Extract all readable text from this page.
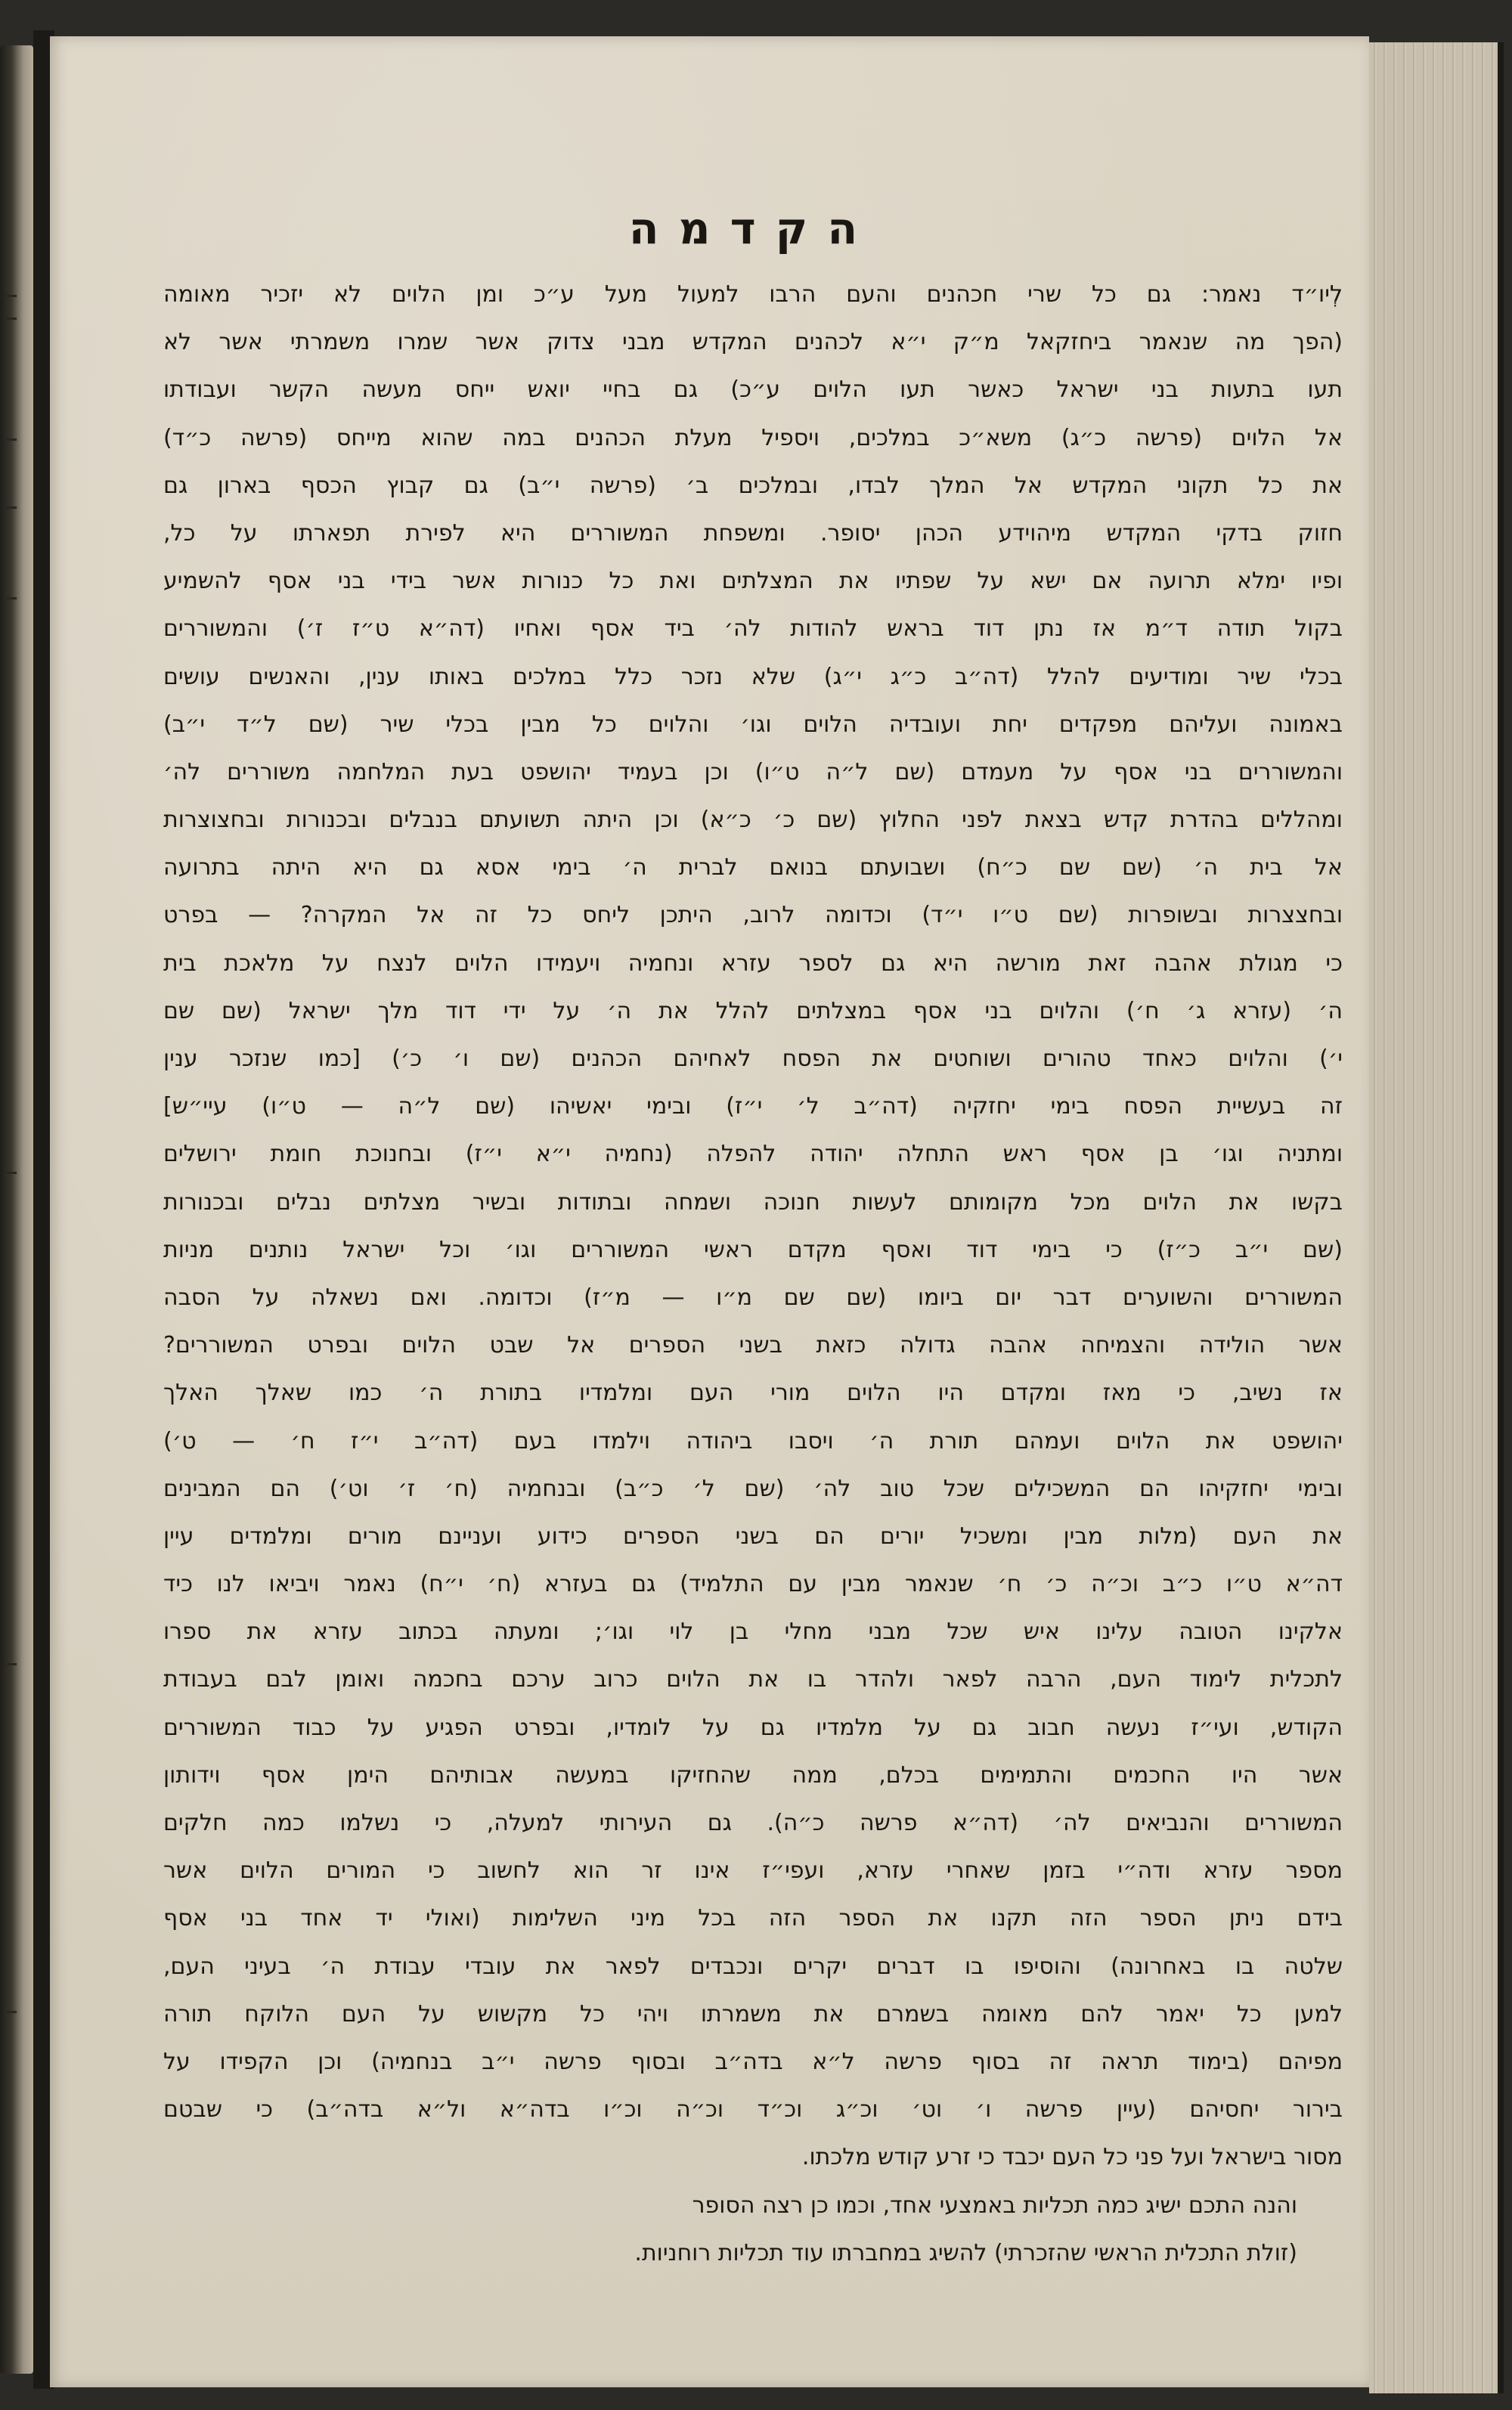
הקדמה
לְיו״ד נאמר: גם כל שרי חכהנים והעם הרבו למעול מעל ע״כ ומן הלוים לא יזכיר מאומה
(הפך מה שנאמר ביחזקאל מ״ק י״א לכהנים המקדש מבני צדוק אשר שמרו משמרתי אשר לא
תעו בתעות בני ישראל כאשר תעו הלוים ע״כ) גם בחיי יואש ייחס מעשה הקשר ועבודתו
אל הלוים (פרשה כ״ג) משא״כ במלכים, ויספיל מעלת הכהנים במה שהוא מייחס (פרשה כ״ד)
את כל תקוני המקדש אל המלך לבדו, ובמלכים ב׳ (פרשה י״ב) גם קבוץ הכסף בארון גם
חזוק בדקי המקדש מיהוידע הכהן יסופר. ומשפחת המשוררים היא לפירת תפארתו על כל,
ופיו ימלא תרועה אם ישא על שפתיו את המצלתים ואת כל כנורות אשר בידי בני אסף להשמיע
בקול תודה ד״מ אז נתן דוד בראש להודות לה׳ ביד אסף ואחיו (דה״א ט״ז ז׳) והמשוררים
בכלי שיר ומודיעים להלל (דה״ב כ״ג י״ג) שלא נזכר כלל במלכים באותו ענין, והאנשים עושים
באמונה ועליהם מפקדים יחת ועובדיה הלוים וגו׳ והלוים כל מבין בכלי שיר (שם ל״ד י״ב)
והמשוררים בני אסף על מעמדם (שם ל״ה ט״ו) וכן בעמיד יהושפט בעת המלחמה משוררים לה׳
ומהללים בהדרת קדש בצאת לפני החלוץ (שם כ׳ כ״א) וכן היתה תשועתם בנבלים ובכנורות ובחצוצרות
אל בית ה׳ (שם שם כ״ח) ושבועתם בנואם לברית ה׳ בימי אסא גם היא היתה בתרועה
ובחצצרות ובשופרות (שם ט״ו י״ד) וכדומה לרוב, היתכן ליחס כל זה אל המקרה? — בפרט
כי מגולת אהבה זאת מורשה היא גם לספר עזרא ונחמיה ויעמידו הלוים לנצח על מלאכת בית
ה׳ (עזרא ג׳ ח׳) והלוים בני אסף במצלתים להלל את ה׳ על ידי דוד מלך ישראל (שם שם
י׳) והלוים כאחד טהורים ושוחטים את הפסח לאחיהם הכהנים (שם ו׳ כ׳) [כמו שנזכר ענין
זה בעשיית הפסח בימי יחזקיה (דה״ב ל׳ י״ז) ובימי יאשיהו (שם ל״ה — ט״ו) עיי״ש]
ומתניה וגו׳ בן אסף ראש התחלה יהודה להפלה (נחמיה י״א י״ז) ובחנוכת חומת ירושלים
בקשו את הלוים מכל מקומותם לעשות חנוכה ושמחה ובתודות ובשיר מצלתים נבלים ובכנורות
(שם י״ב כ״ז) כי בימי דוד ואסף מקדם ראשי המשוררים וגו׳ וכל ישראל נותנים מניות
המשוררים והשוערים דבר יום ביומו (שם שם מ״ו — מ״ז) וכדומה. ואם נשאלה על הסבה
אשר הולידה והצמיחה אהבה גדולה כזאת בשני הספרים אל שבט הלוים ובפרט המשוררים?
אז נשיב, כי מאז ומקדם היו הלוים מורי העם ומלמדיו בתורת ה׳ כמו שאלך האלך
יהושפט את הלוים ועמהם תורת ה׳ ויסבו ביהודה וילמדו בעם (דה״ב י״ז ח׳ — ט׳)
ובימי יחזקיהו הם המשכילים שכל טוב לה׳ (שם ל׳ כ״ב) ובנחמיה (ח׳ ז׳ וט׳) הם המבינים
את העם (מלות מבין ומשכיל יורים הם בשני הספרים כידוע ועניינם מורים ומלמדים עיין
דה״א ט״ו כ״ב וכ״ה כ׳ ח׳ שנאמר מבין עם התלמיד) גם בעזרא (ח׳ י״ח) נאמר ויביאו לנו כיד
אלקינו הטובה עלינו איש שכל מבני מחלי בן לוי וגו׳; ומעתה בכתוב עזרא את ספרו
לתכלית לימוד העם, הרבה לפאר ולהדר בו את הלוים כרוב ערכם בחכמה ואומן לבם בעבודת
הקודש, ועי״ז נעשה חבוב גם על מלמדיו גם על לומדיו, ובפרט הפגיע על כבוד המשוררים
אשר היו החכמים והתמימים בכלם, ממה שהחזיקו במעשה אבותיהם הימן אסף וידותון
המשוררים והנביאים לה׳ (דה״א פרשה כ״ה). גם העירותי למעלה, כי נשלמו כמה חלקים
מספר עזרא ודה״י בזמן שאחרי עזרא, ועפי״ז אינו זר הוא לחשוב כי המורים הלוים אשר
בידם ניתן הספר הזה תקנו את הספר הזה בכל מיני השלימות (ואולי יד אחד בני אסף
שלטה בו באחרונה) והוסיפו בו דברים יקרים ונכבדים לפאר את עובדי עבודת ה׳ בעיני העם,
למען כל יאמר להם מאומה בשמרם את משמרתו ויהי כל מקשוש על העם הלוקח תורה
מפיהם (בימוד תראה זה בסוף פרשה ל״א בדה״ב ובסוף פרשה י״ב בנחמיה) וכן הקפידו על
בירור יחסיהם (עיין פרשה ו׳ וט׳ וכ״ג וכ״ד וכ״ה וכ״ו בדה״א ול״א בדה״ב) כי שבטם
מסור בישראל ועל פני כל העם יכבד כי זרע קודש מלכתו.
והנה התכם ישיג כמה תכליות באמצעי אחד, וכמו כן רצה הסופר
(זולת התכלית הראשי שהזכרתי) להשיג במחברתו עוד תכליות רוחניות.
